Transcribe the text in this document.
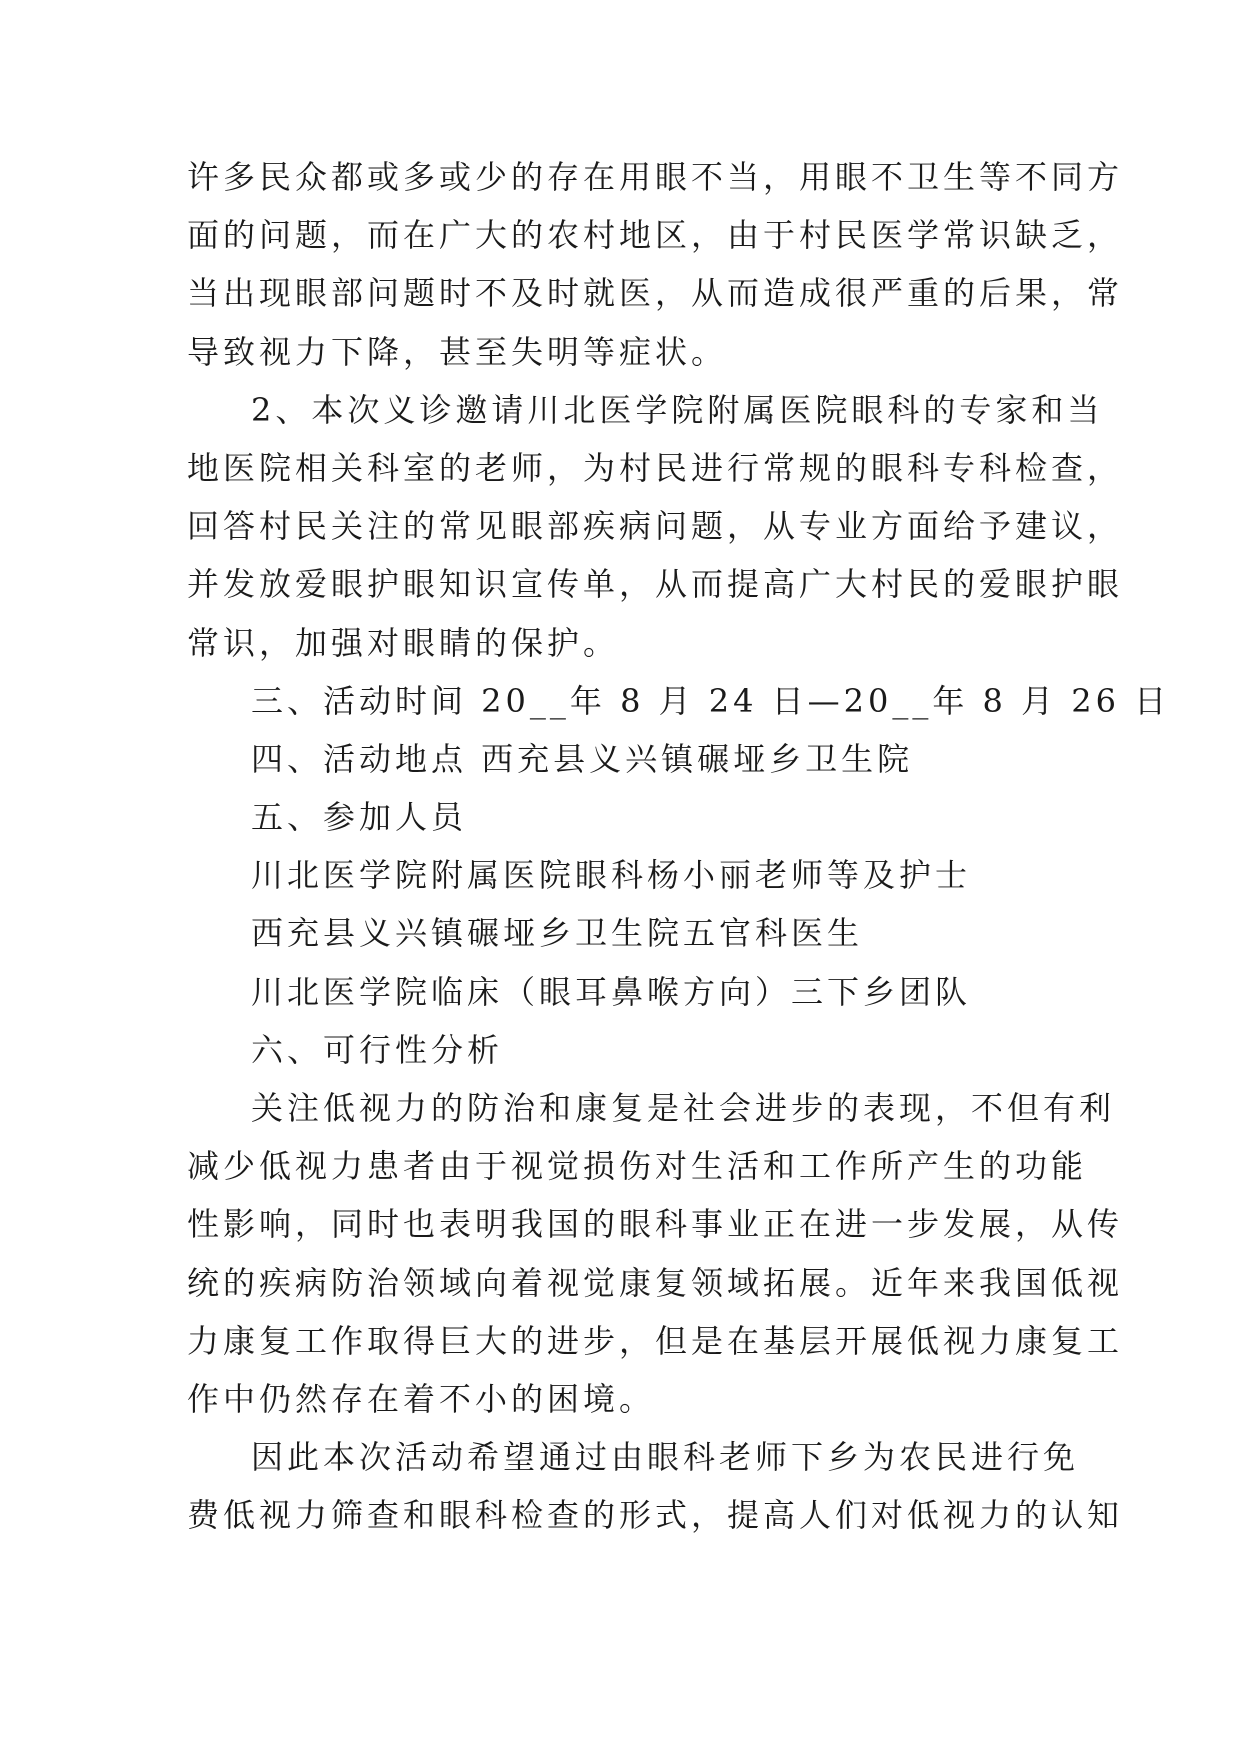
许多民众都或多或少的存在用眼不当，用眼不卫生等不同方
面的问题，而在广大的农村地区，由于村民医学常识缺乏，
当出现眼部问题时不及时就医，从而造成很严重的后果，常
导致视力下降，甚至失明等症状。
2、本次义诊邀请川北医学院附属医院眼科的专家和当
地医院相关科室的老师，为村民进行常规的眼科专科检查，
回答村民关注的常见眼部疾病问题，从专业方面给予建议，
并发放爱眼护眼知识宣传单，从而提高广大村民的爱眼护眼
常识，加强对眼睛的保护。
三、活动时间 20__年 8 月 24 日—20__年 8 月 26 日
四、活动地点 西充县义兴镇碾垭乡卫生院
五、参加人员
川北医学院附属医院眼科杨小丽老师等及护士
西充县义兴镇碾垭乡卫生院五官科医生
川北医学院临床（眼耳鼻喉方向）三下乡团队
六、可行性分析
关注低视力的防治和康复是社会进步的表现，不但有利
减少低视力患者由于视觉损伤对生活和工作所产生的功能
性影响，同时也表明我国的眼科事业正在进一步发展，从传
统的疾病防治领域向着视觉康复领域拓展。近年来我国低视
力康复工作取得巨大的进步，但是在基层开展低视力康复工
作中仍然存在着不小的困境。
因此本次活动希望通过由眼科老师下乡为农民进行免
费低视力筛查和眼科检查的形式，提高人们对低视力的认知
